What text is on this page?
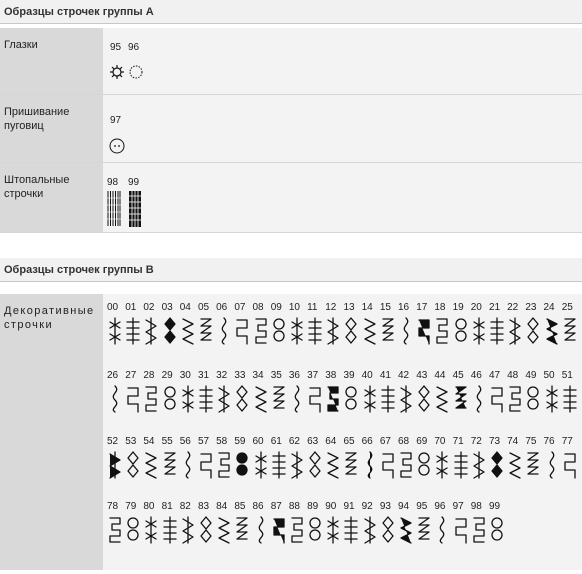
Образцы строчек группы А
Глазки	95 96
Пришивание пуговиц	97
Штопальные строчки
98 99
Образцы строчек группы В
Декоративные строчки
00 01 02 03 04 05 06 07 08 09 10 11 12 13 14 15 16 17 18 19 20 21 22 23 24 25
26 27 28 29 30 31 32 33 34 35 36 37 38 39 40 41 42 43 44 45 46 47 48 49 50 51
52 53 54 55 56 57 58 59 60 61 62 63 64 65 66 67 68 69 70 71 72 73 74 75 76 77
78 79 80 81 82 83 84 85 86 87 88 89 90 91 92 93 94 95 96 97 98 99
